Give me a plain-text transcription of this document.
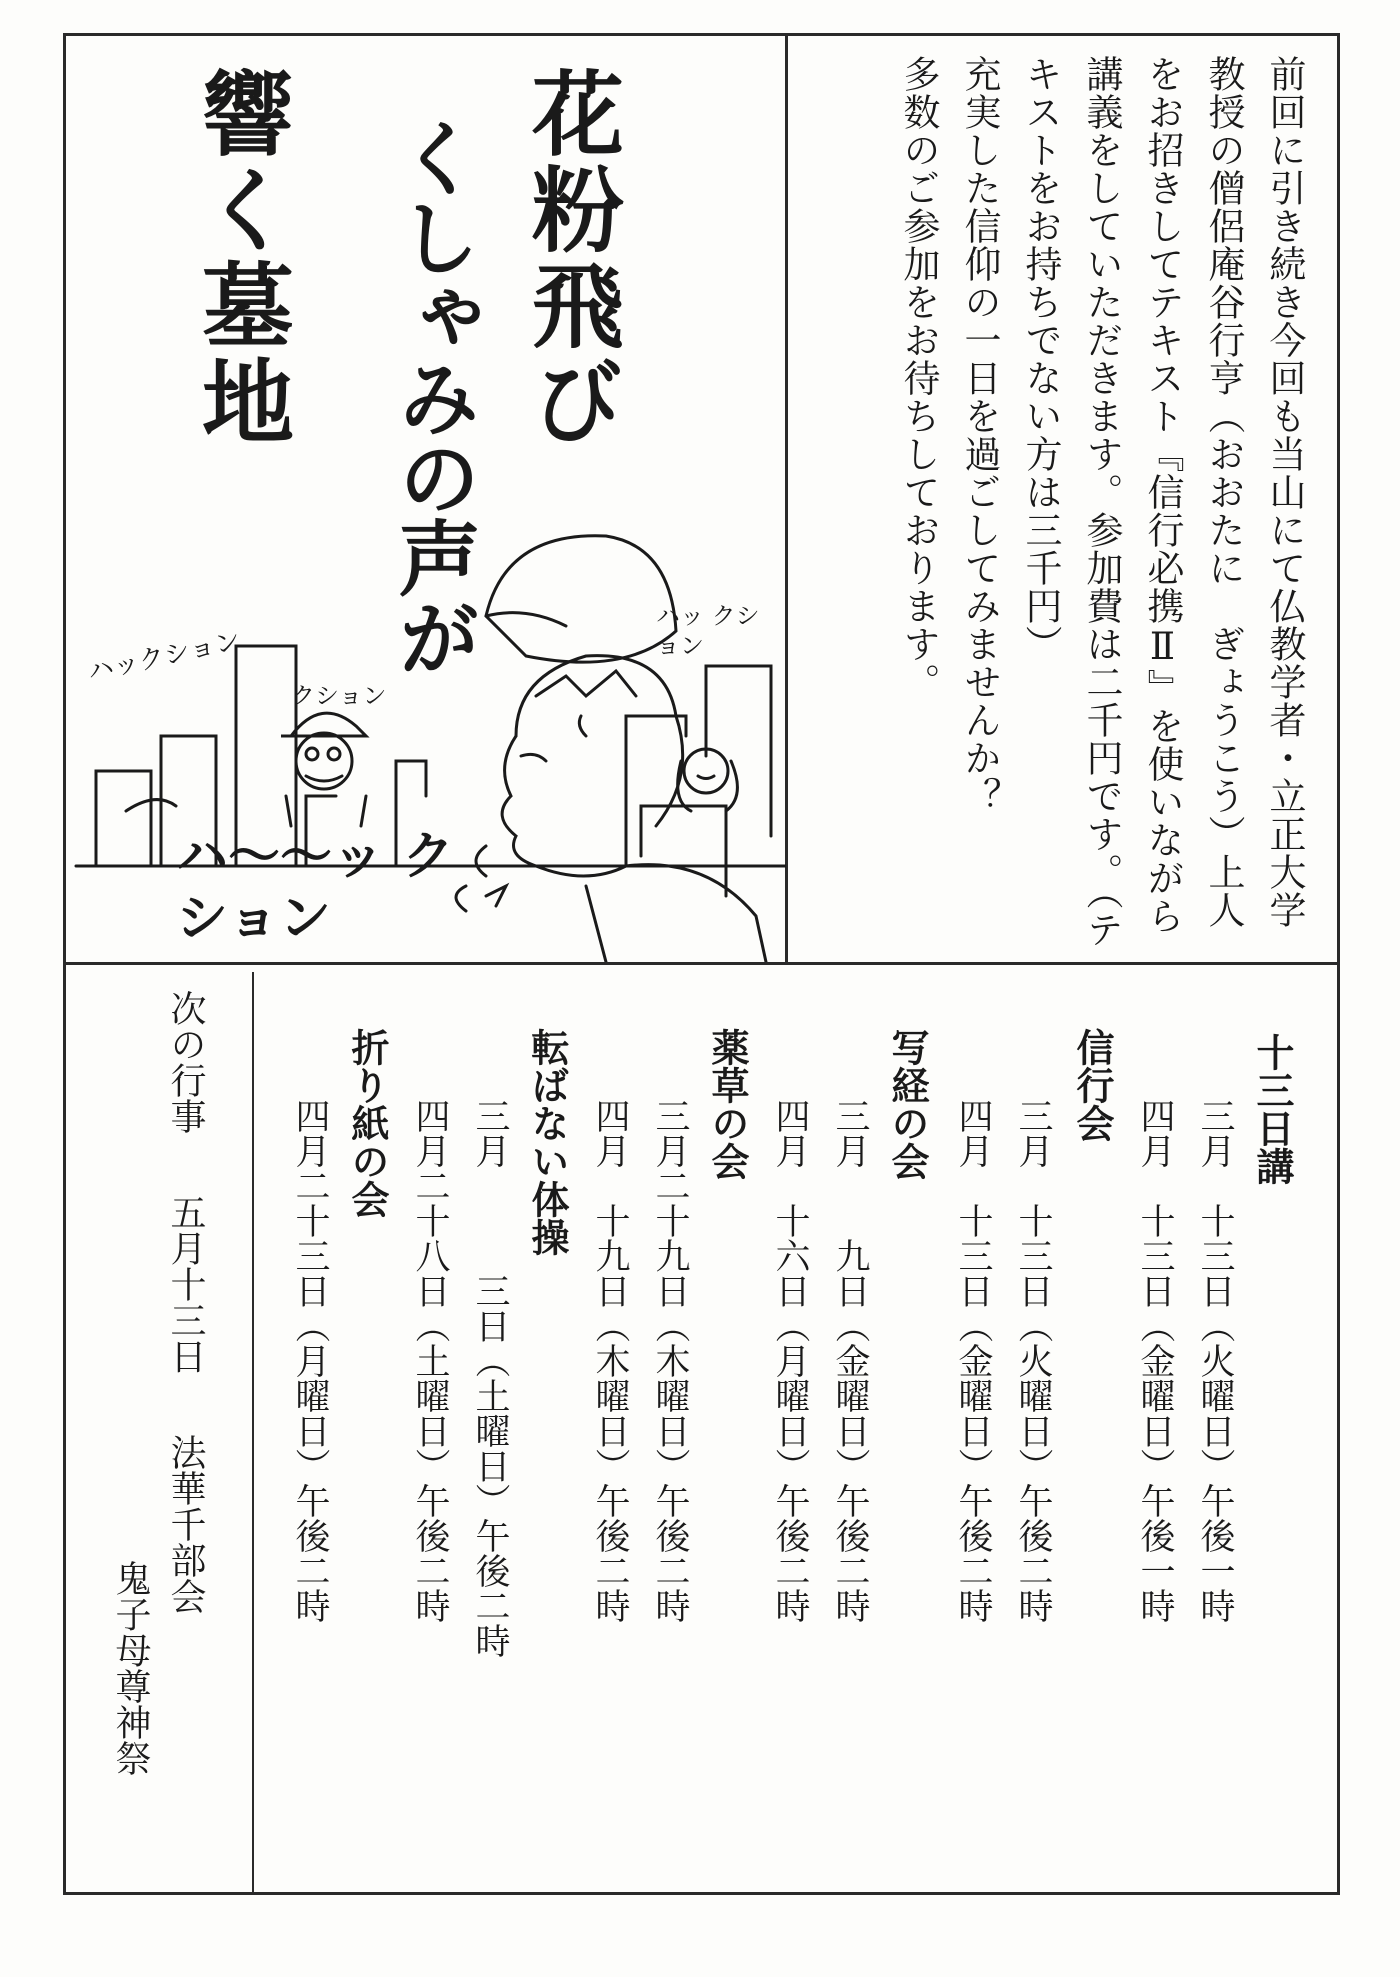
前回に引き続き今回も当山にて仏教学者・立正大学
教授の僧侶庵谷行亨（おおたに　ぎょうこう）上人
をお招きしてテキスト『信行必携Ⅱ』を使いながら
講義をしていただきます。参加費は二千円です。（テ
キストをお持ちでない方は三千円）
充実した信仰の一日を過ごしてみませんか？
多数のご参加をお待ちしております。
花粉飛び
くしゃみの声が
響く墓地
ハックション
クション
ハッ クション
ハ〜〜ッ クション
十三日講
三月十三日（火曜日）午後一時
四月十三日（金曜日）午後一時
信行会
三月十三日（火曜日）午後二時
四月十三日（金曜日）午後二時
写経の会
三月九日（金曜日）午後二時
四月十六日（月曜日）午後二時
薬草の会
三月二十九日（木曜日）午後二時
四月十九日（木曜日）午後二時
転ばない体操
三月三日（土曜日）午後二時
四月二十八日（土曜日）午後二時
折り紙の会
四月二十三日（月曜日）午後二時
次の行事五月十三日法華千部会
鬼子母尊神祭
